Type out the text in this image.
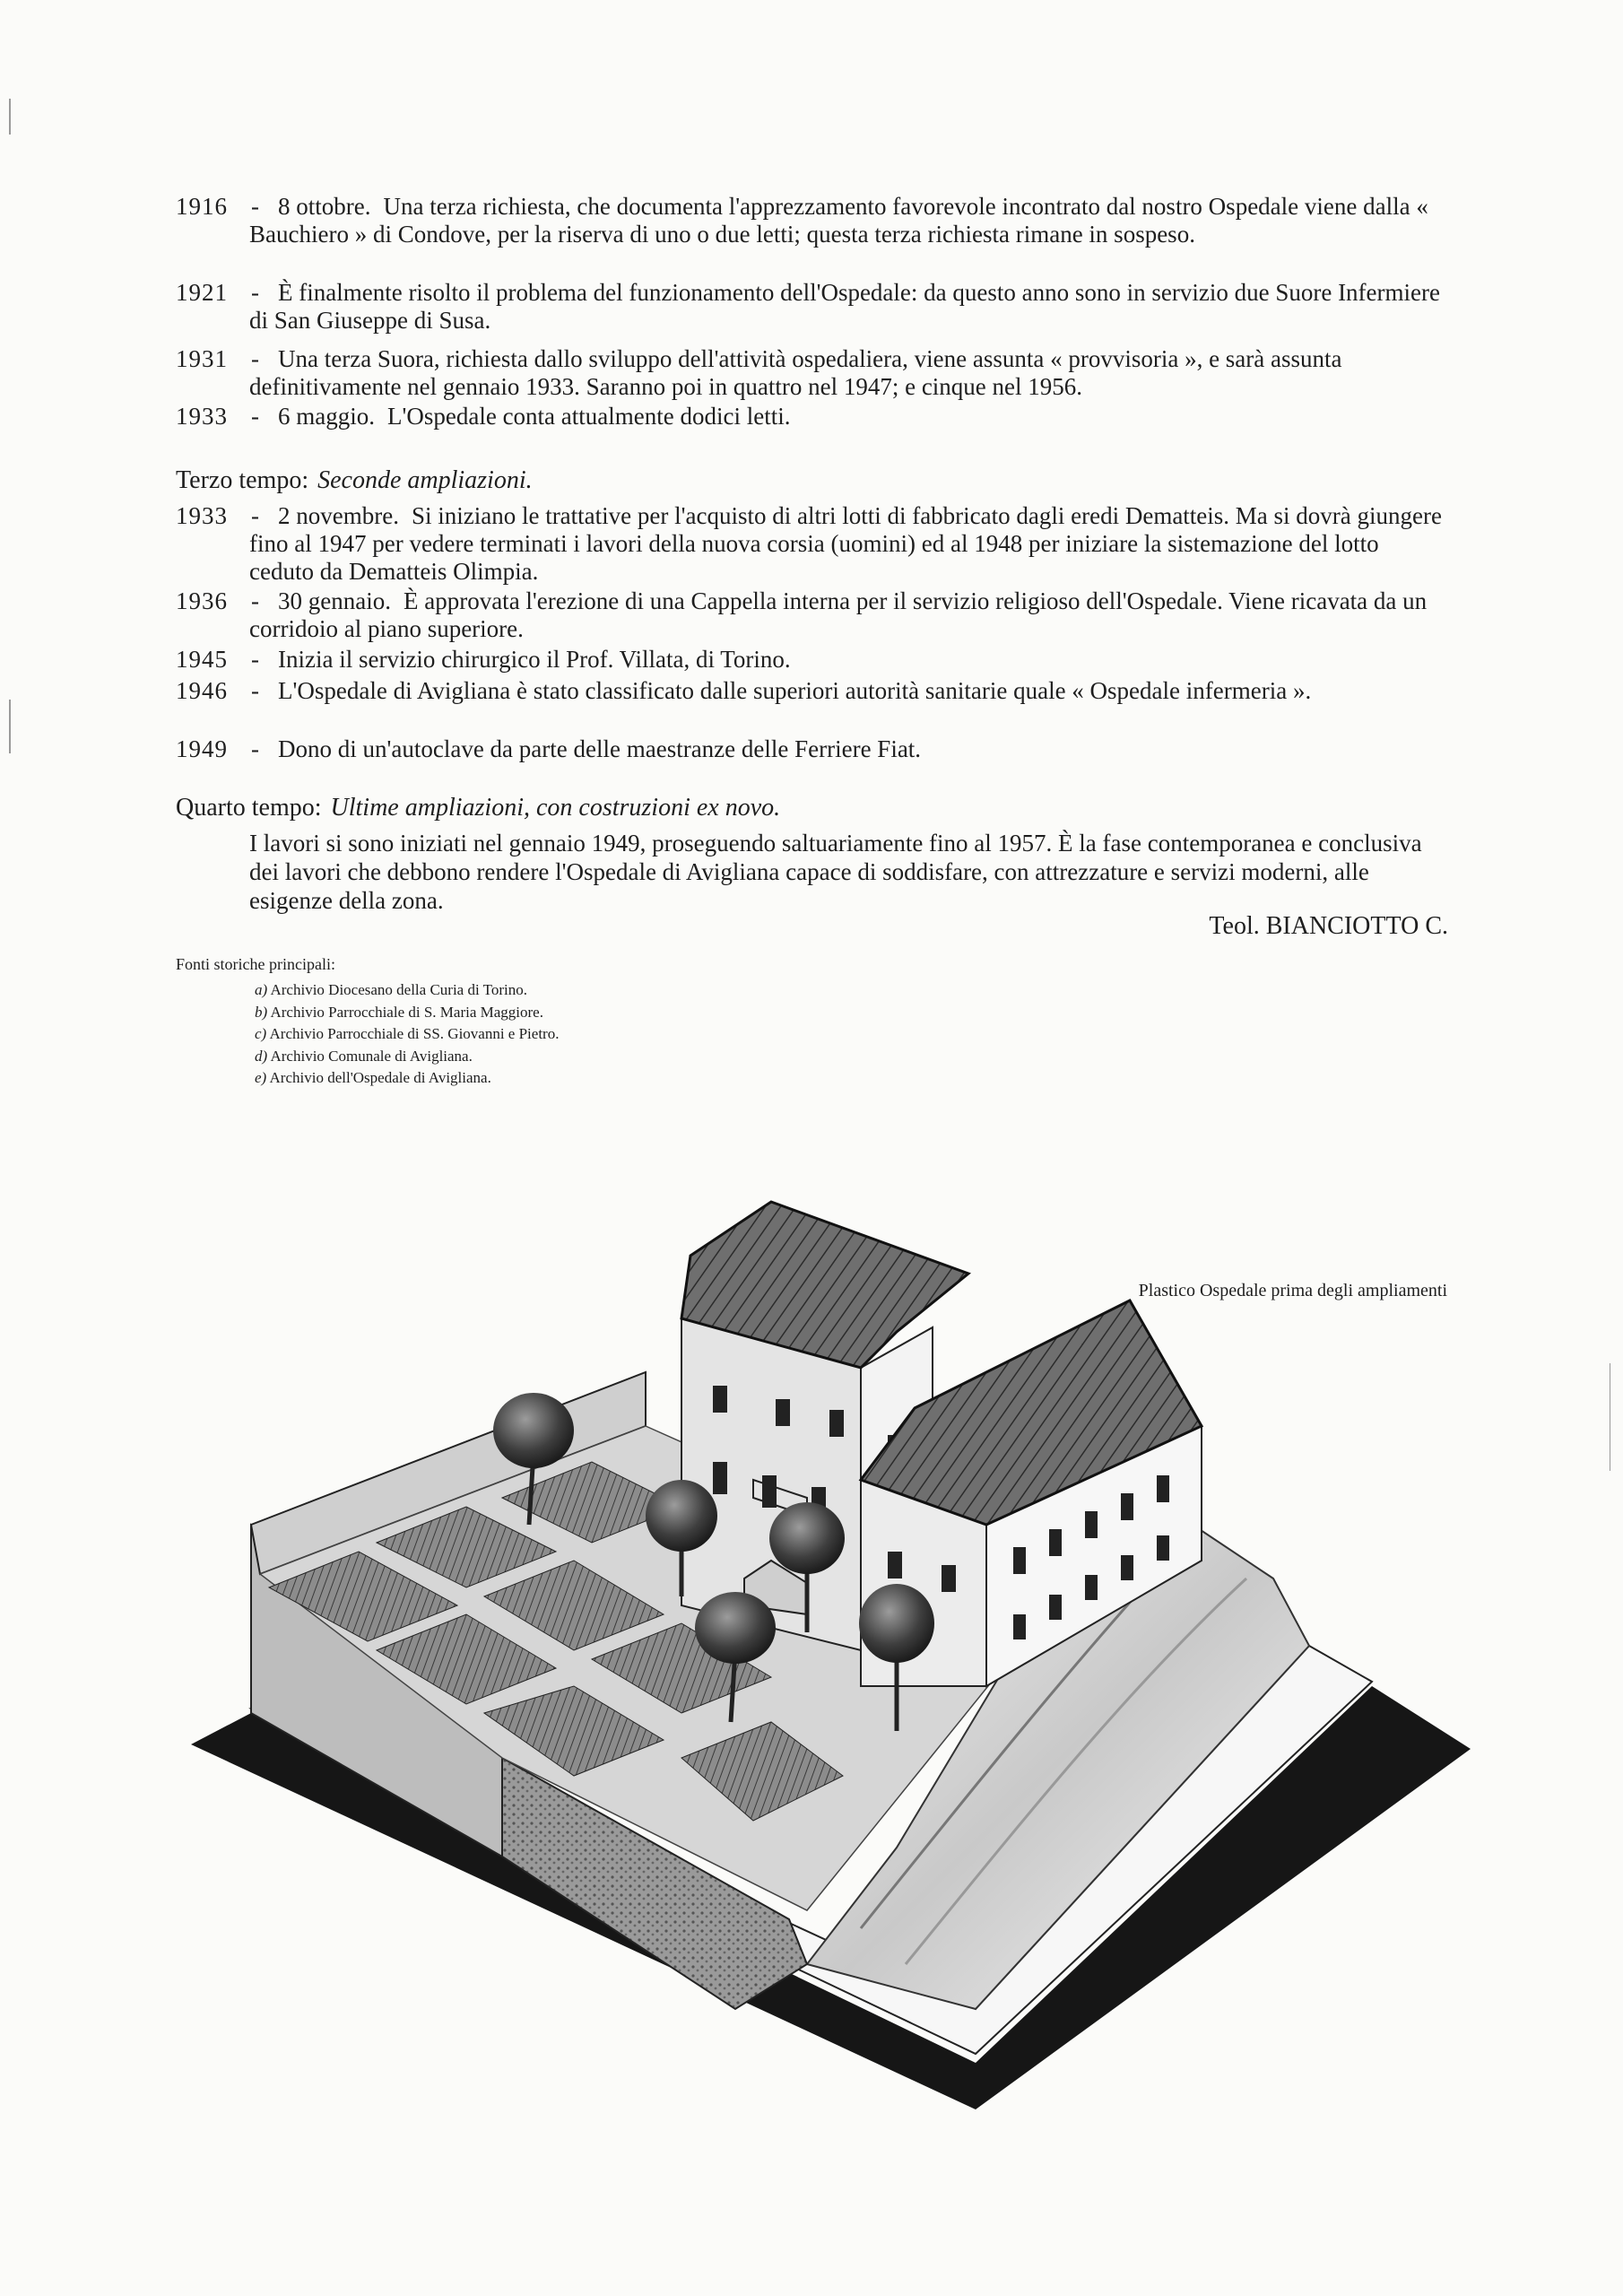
1916 - 8 ottobre. Una terza richiesta, che documenta l'apprezzamento favorevole incontrato dal nostro Ospedale viene dalla « Bauchiero » di Condove, per la riserva di uno o due letti; questa terza richiesta rimane in sospeso.
1921 - È finalmente risolto il problema del funzionamento dell'Ospedale: da questo anno sono in servizio due Suore Infermiere di San Giuseppe di Susa.
1931 - Una terza Suora, richiesta dallo sviluppo dell'attività ospedaliera, viene assunta « provvisoria », e sarà assunta definitivamente nel gennaio 1933. Saranno poi in quattro nel 1947; e cinque nel 1956.
1933 - 6 maggio. L'Ospedale conta attualmente dodici letti.
Terzo tempo: Seconde ampliazioni.
1933 - 2 novembre. Si iniziano le trattative per l'acquisto di altri lotti di fabbricato dagli eredi Dematteis. Ma si dovrà giungere fino al 1947 per vedere terminati i lavori della nuova corsia (uomini) ed al 1948 per iniziare la sistemazione del lotto ceduto da Dematteis Olimpia.
1936 - 30 gennaio. È approvata l'erezione di una Cappella interna per il servizio religioso dell'Ospedale. Viene ricavata da un corridoio al piano superiore.
1945 - Inizia il servizio chirurgico il Prof. Villata, di Torino.
1946 - L'Ospedale di Avigliana è stato classificato dalle superiori autorità sanitarie quale « Ospedale infermeria ».
1949 - Dono di un'autoclave da parte delle maestranze delle Ferriere Fiat.
Quarto tempo: Ultime ampliazioni, con costruzioni ex novo.
I lavori si sono iniziati nel gennaio 1949, proseguendo saltuariamente fino al 1957. È la fase contemporanea e conclusiva dei lavori che debbono rendere l'Ospedale di Avigliana capace di soddisfare, con attrezzature e servizi moderni, alle esigenze della zona.
Teol. BIANCIOTTO C.
Fonti storiche principali:
a) Archivio Diocesano della Curia di Torino.
b) Archivio Parrocchiale di S. Maria Maggiore.
c) Archivio Parrocchiale di SS. Giovanni e Pietro.
d) Archivio Comunale di Avigliana.
e) Archivio dell'Ospedale di Avigliana.
Plastico Ospedale prima degli ampliamenti
